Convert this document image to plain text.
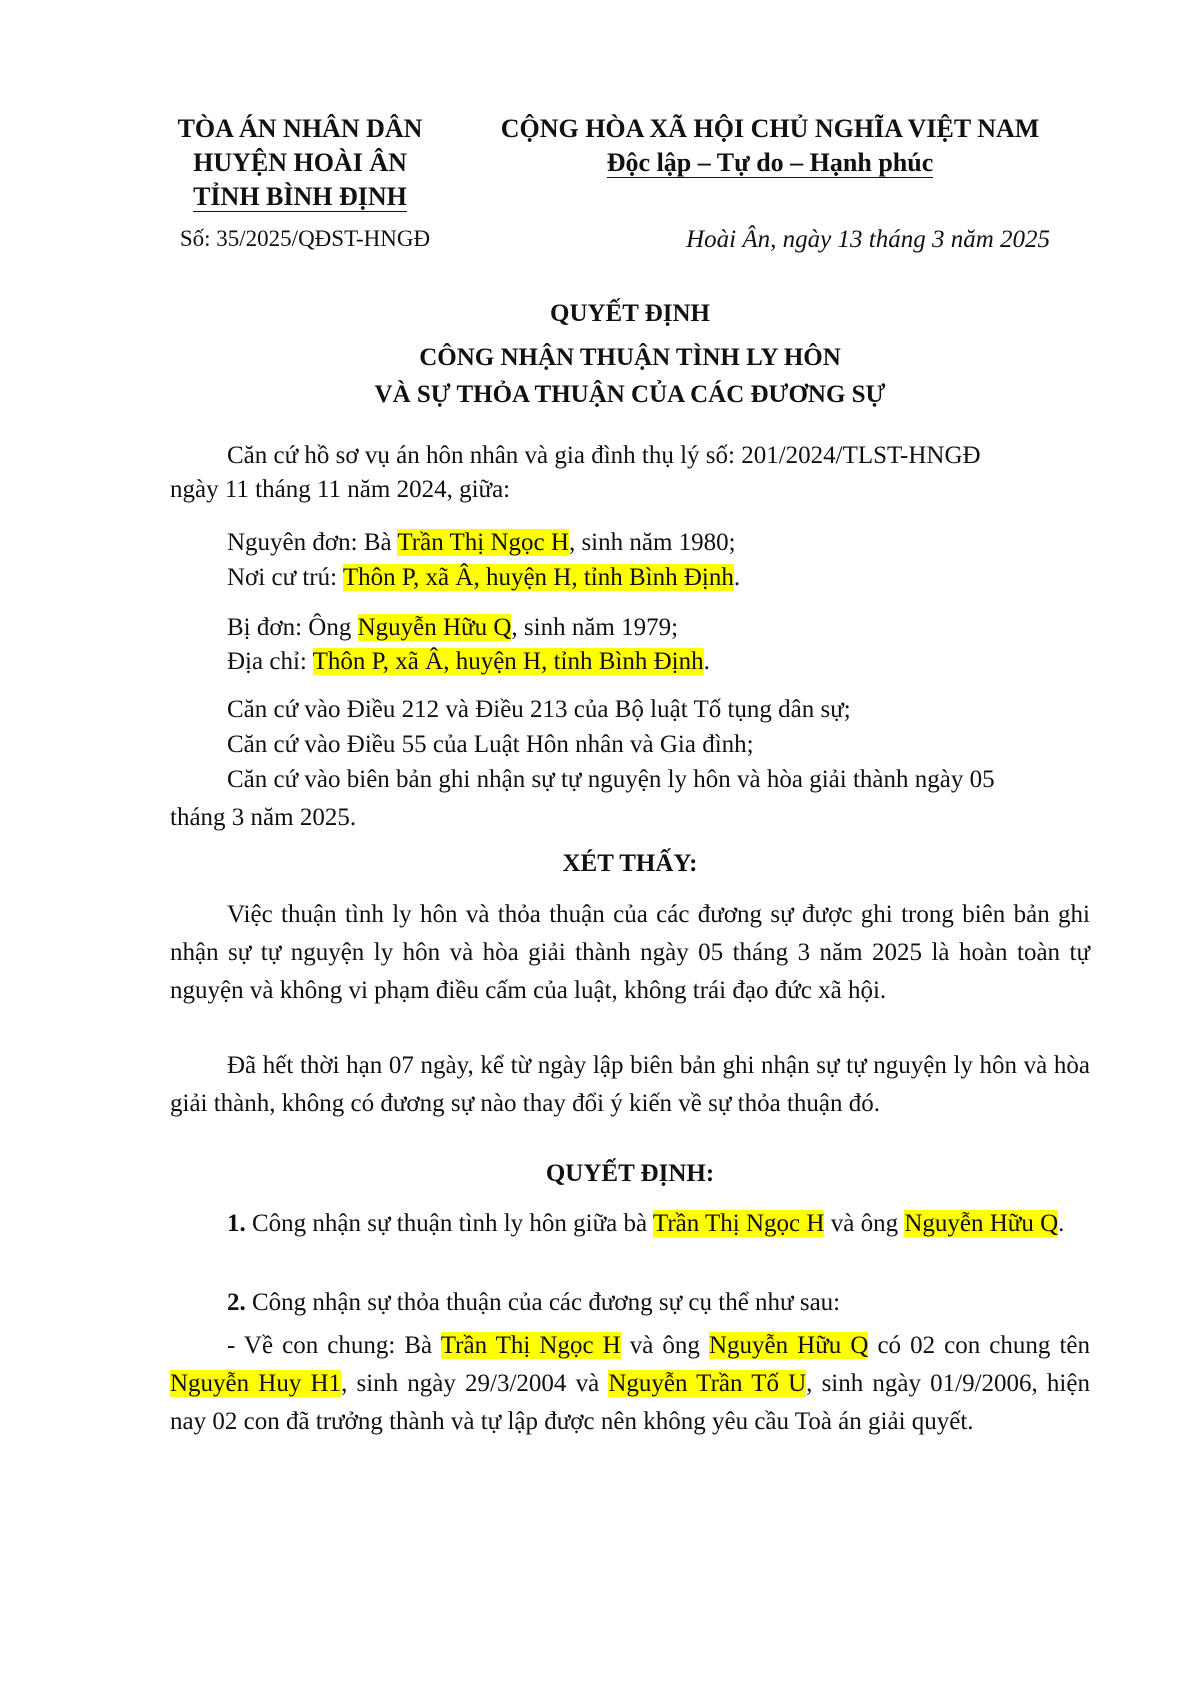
TÒA ÁN NHÂN DÂN
HUYỆN HOÀI ÂN
TỈNH BÌNH ĐỊNH
CỘNG HÒA XÃ HỘI CHỦ NGHĨA VIỆT NAM
Độc lập – Tự do – Hạnh phúc
Số: 35/2025/QĐST-HNGĐ	Hoài Ân, ngày 13 tháng 3 năm 2025
QUYẾT ĐỊNH
CÔNG NHẬN THUẬN TÌNH LY HÔN
VÀ SỰ THỎA THUẬN CỦA CÁC ĐƯƠNG SỰ
Căn cứ hồ sơ vụ án hôn nhân và gia đình thụ lý số: 201/2024/TLST-HNGĐ
ngày 11 tháng 11 năm 2024, giữa:
Nguyên đơn: Bà Trần Thị Ngọc H, sinh năm 1980;
Nơi cư trú: Thôn P, xã Â, huyện H, tỉnh Bình Định.
Bị đơn: Ông Nguyễn Hữu Q, sinh năm 1979;
Địa chỉ: Thôn P, xã Â, huyện H, tỉnh Bình Định.
Căn cứ vào Điều 212 và Điều 213 của Bộ luật Tố tụng dân sự;
Căn cứ vào Điều 55 của Luật Hôn nhân và Gia đình;
Căn cứ vào biên bản ghi nhận sự tự nguyện ly hôn và hòa giải thành ngày 05
tháng 3 năm 2025.
XÉT THẤY:
Việc thuận tình ly hôn và thỏa thuận của các đương sự được ghi trong biên bản ghi nhận sự tự nguyện ly hôn và hòa giải thành ngày 05 tháng 3 năm 2025 là hoàn toàn tự nguyện và không vi phạm điều cấm của luật, không trái đạo đức xã hội.
Đã hết thời hạn 07 ngày, kể từ ngày lập biên bản ghi nhận sự tự nguyện ly hôn và hòa giải thành, không có đương sự nào thay đổi ý kiến về sự thỏa thuận đó.
QUYẾT ĐỊNH:
1. Công nhận sự thuận tình ly hôn giữa bà Trần Thị Ngọc H và ông Nguyễn Hữu Q.
2. Công nhận sự thỏa thuận của các đương sự cụ thể như sau:
- Về con chung: Bà Trần Thị Ngọc H và ông Nguyễn Hữu Q có 02 con chung tên Nguyễn Huy H1, sinh ngày 29/3/2004 và Nguyễn Trần Tố U, sinh ngày 01/9/2006, hiện nay 02 con đã trưởng thành và tự lập được nên không yêu cầu Toà án giải quyết.
